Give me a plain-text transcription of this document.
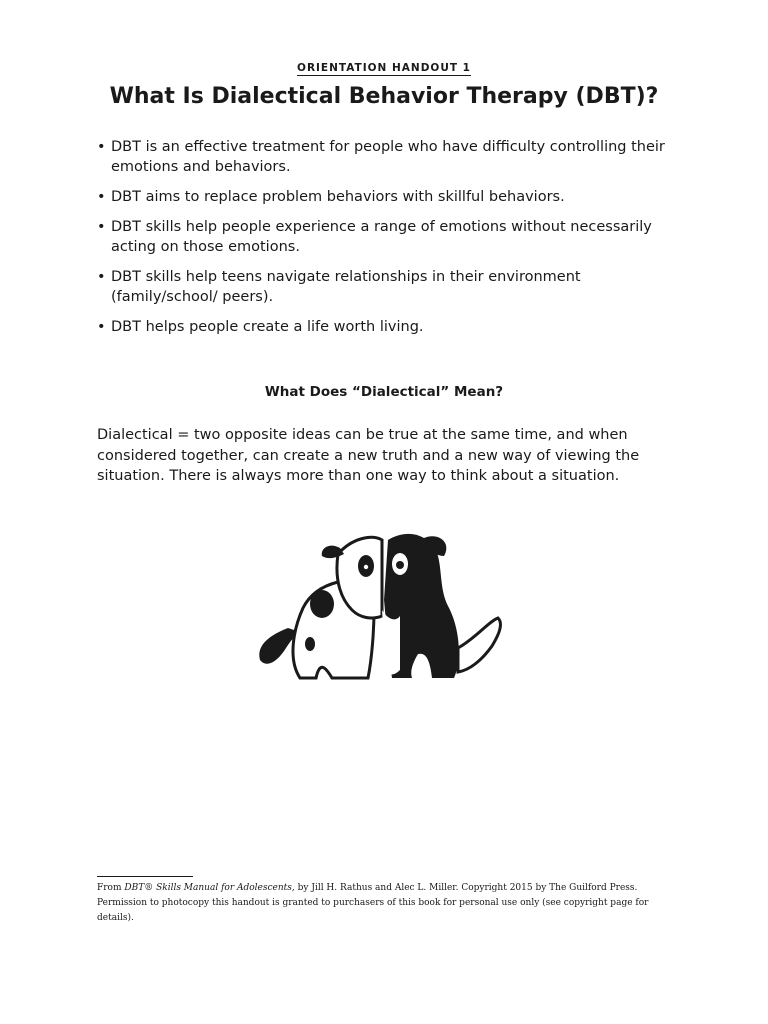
ORIENTATION HANDOUT 1
What Is Dialectical Behavior Therapy (DBT)?
• DBT is an effective treatment for people who have difficulty controlling their emotions and behaviors.
• DBT aims to replace problem behaviors with skillful behaviors.
• DBT skills help people experience a range of emotions without necessarily acting on those emotions.
• DBT skills help teens navigate relationships in their environment (family/school/ peers).
• DBT helps people create a life worth living.
What Does “Dialectical” Mean?

Dialectical = two opposite ideas can be true at the same time, and when considered together, can create a new truth and a new way of viewing the situation. There is always more than one way to think about a situation.

From DBT® Skills Manual for Adolescents, by Jill H. Rathus and Alec L. Miller. Copyright 2015 by The Guilford Press. Permission to photocopy this handout is granted to purchasers of this book for personal use only (see copyright page for details).
